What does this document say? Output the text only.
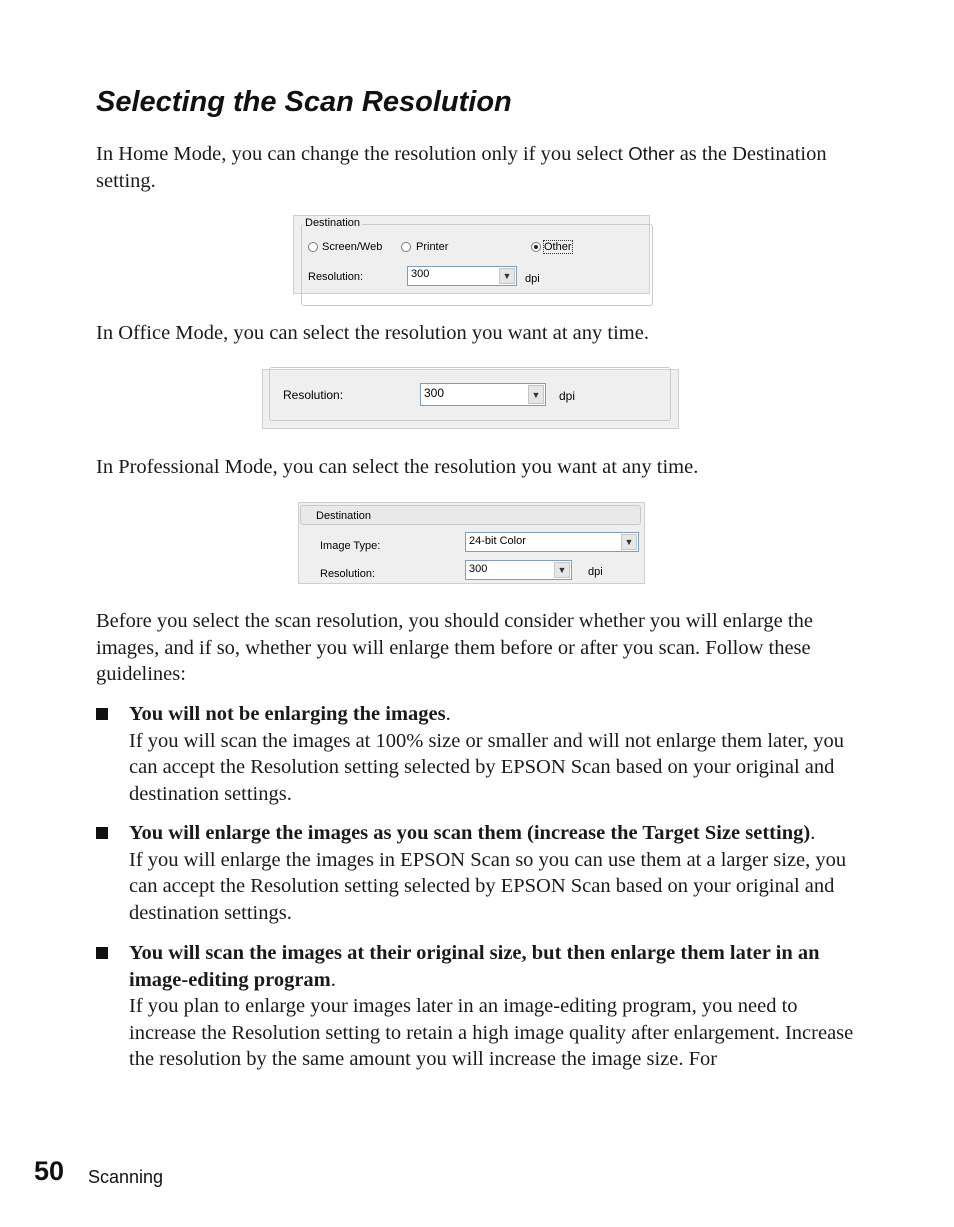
Selecting the Scan Resolution

In Home Mode, you can change the resolution only if you select Other as the Destination setting.

Destination
Screen/Web	Printer	Other
Resolution:	300	▼	dpi

In Office Mode, you can select the resolution you want at any time.

Resolution:	300	▼ dpi

In Professional Mode, you can select the resolution you want at any time.

Destination
Image Type:	24-bit Color	▼
Resolution:	300	▼	dpi

Before you select the scan resolution, you should consider whether you will enlarge the images, and if so, whether you will enlarge them before or after you scan. Follow these guidelines:

You will not be enlarging the images.
If you will scan the images at 100% size or smaller and will not enlarge them later, you can accept the Resolution setting selected by EPSON Scan based on your original and destination settings.
You will enlarge the images as you scan them (increase the Target Size setting).
If you will enlarge the images in EPSON Scan so you can use them at a larger size, you can accept the Resolution setting selected by EPSON Scan based on your original and destination settings.
You will scan the images at their original size, but then enlarge them later in an image-editing program.
If you plan to enlarge your images later in an image-editing program, you need to increase the Resolution setting to retain a high image quality after enlargement. Increase the resolution by the same amount you will increase the image size. For
50 Scanning
